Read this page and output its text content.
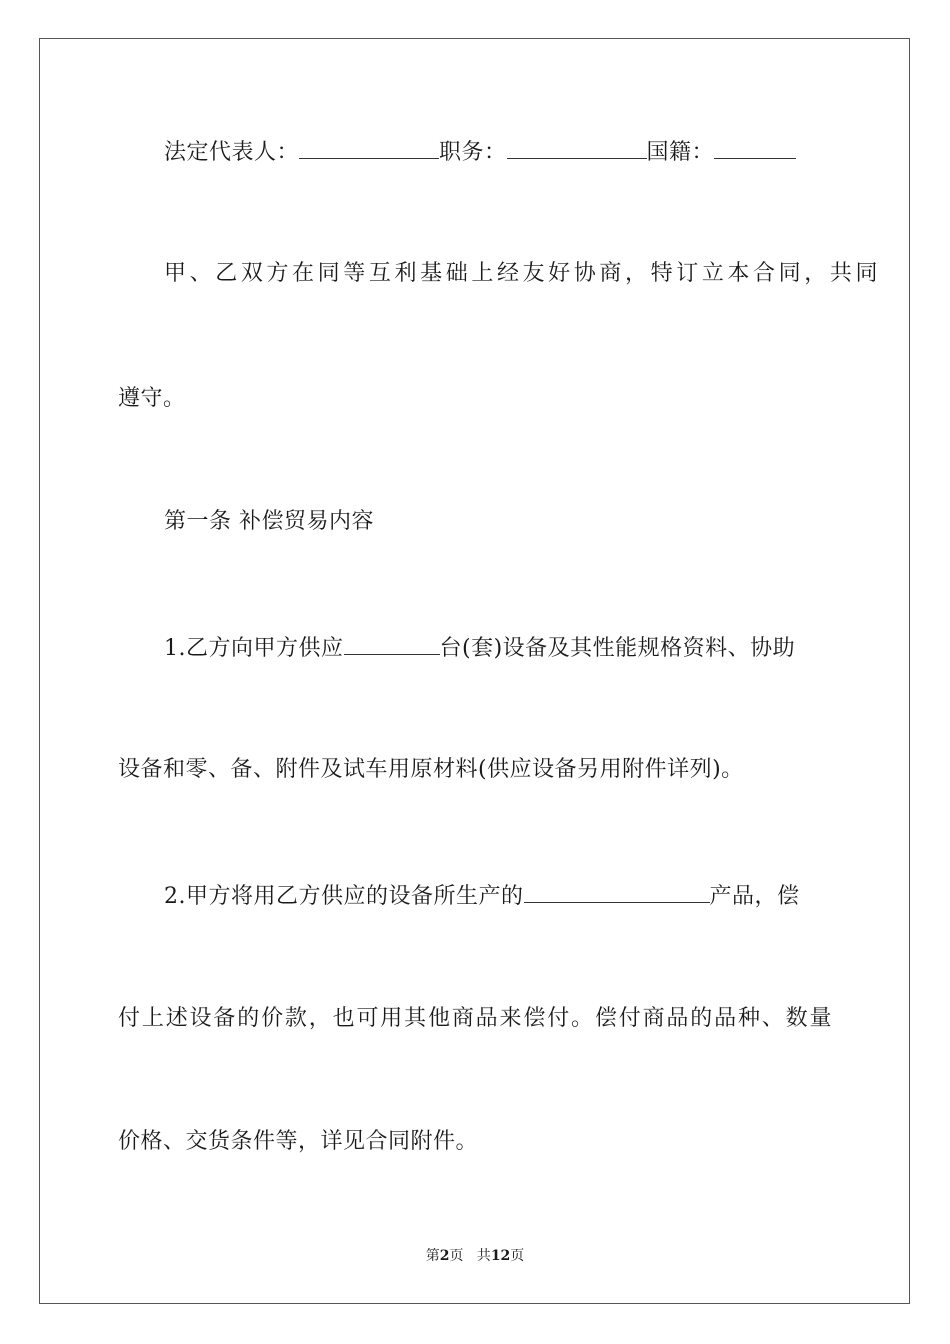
法定代表人：	职务：	国籍：
甲、乙双方在同等互利基础上经友好协商，特订立本合同，共同
遵守。
第一条 补偿贸易内容
1.乙方向甲方供应	台(套)设备及其性能规格资料、协助
设备和零、备、附件及试车用原材料(供应设备另用附件详列)。
2.甲方将用乙方供应的设备所生产的	产品，偿
付上述设备的价款，也可用其他商品来偿付。偿付商品的品种、数量
价格、交货条件等，详见合同附件。
第2页 共12页
